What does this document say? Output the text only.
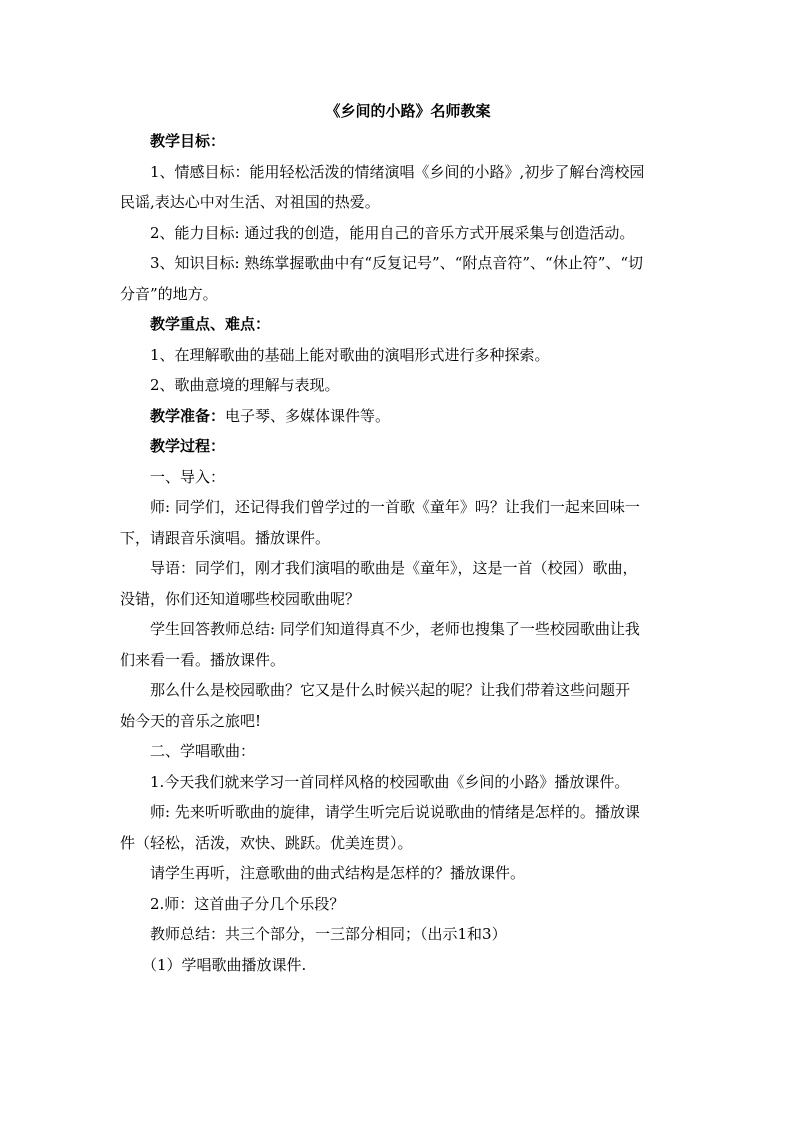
《乡间的小路》名师教案

教学目标：

1、情感目标：能用轻松活泼的情绪演唱《乡间的小路》,初步了解台湾校园

民谣,表达心中对生活、对祖国的热爱。

2、能力目标: 通过我的创造，能用自己的音乐方式开展采集与创造活动。

3、知识目标: 熟练掌握歌曲中有“反复记号”、“附点音符”、“休止符”、“切

分音”的地方。

教学重点、难点：

1、在理解歌曲的基础上能对歌曲的演唱形式进行多种探索。

2、歌曲意境的理解与表现。

教学准备：电子琴、多媒体课件等。

教学过程：

一、导入：

师: 同学们，还记得我们曾学过的一首歌《童年》吗？让我们一起来回味一

下，请跟音乐演唱。播放课件。

导语：同学们，刚才我们演唱的歌曲是《童年》，这是一首（校园）歌曲，

没错，你们还知道哪些校园歌曲呢？

学生回答教师总结: 同学们知道得真不少，老师也搜集了一些校园歌曲让我

们来看一看。播放课件。

那么什么是校园歌曲？它又是什么时候兴起的呢？让我们带着这些问题开

始今天的音乐之旅吧!

二、学唱歌曲：

1.今天我们就来学习一首同样风格的校园歌曲《乡间的小路》播放课件。

师: 先来听听歌曲的旋律，请学生听完后说说歌曲的情绪是怎样的。播放课

件（轻松，活泼，欢快、跳跃。优美连贯）。

请学生再听，注意歌曲的曲式结构是怎样的？播放课件。

2.师：这首曲子分几个乐段？

教师总结：共三个部分，一三部分相同；（出示1和3）

（1）学唱歌曲播放课件.
